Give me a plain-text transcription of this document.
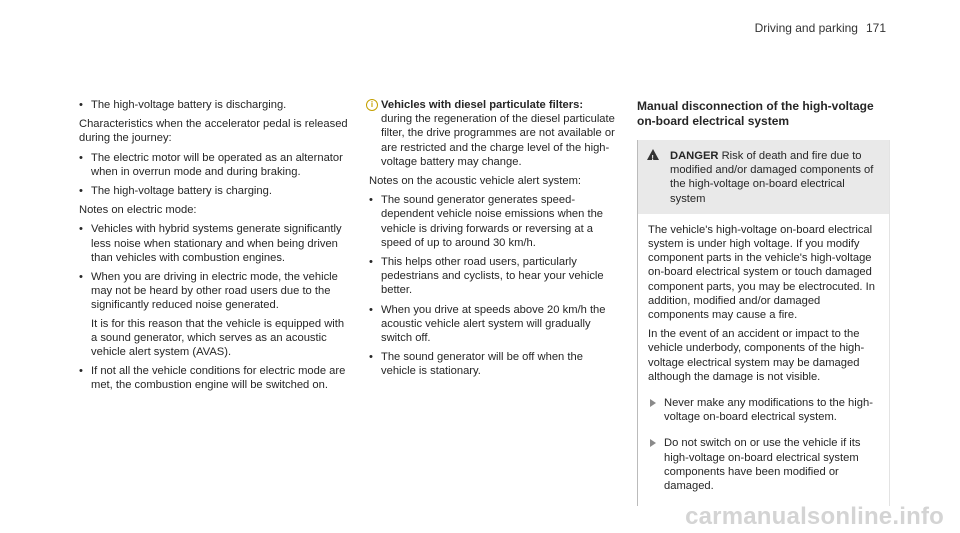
Driving and parking 171
• The high-voltage battery is discharging.

Characteristics when the accelerator pedal is released during the journey:

• The electric motor will be operated as an alternator when in overrun mode and during braking.
• The high-voltage battery is charging.

Notes on electric mode:

• Vehicles with hybrid systems generate significantly less noise when stationary and when being driven than vehicles with combustion engines.
• When you are driving in electric mode, the vehicle may not be heard by other road users due to the significantly reduced noise generated.
It is for this reason that the vehicle is equipped with a sound generator, which serves as an acoustic vehicle alert system (AVAS).
• If not all the vehicle conditions for electric mode are met, the combustion engine will be switched on.
i Vehicles with diesel particulate filters: during the regeneration of the diesel particulate filter, the drive programmes are not available or are restricted and the charge level of the high-voltage battery may change.

Notes on the acoustic vehicle alert system:

• The sound generator generates speed-dependent vehicle noise emissions when the vehicle is driving forwards or reversing at a speed of up to around 30 km/h.
• This helps other road users, particularly pedestrians and cyclists, to hear your vehicle better.
• When you drive at speeds above 20 km/h the acoustic vehicle alert system will gradually switch off.
• The sound generator will be off when the vehicle is stationary.
Manual disconnection of the high-voltage on-board electrical system
! DANGER Risk of death and fire due to modified and/or damaged components of the high-voltage on-board electrical system

The vehicle's high-voltage on-board electrical system is under high voltage. If you modify component parts in the vehicle's high-voltage on-board electrical system or touch damaged component parts, you may be electrocuted. In addition, modified and/or damaged components may cause a fire.

In the event of an accident or impact to the vehicle underbody, components of the high-voltage electrical system may be damaged although the damage is not visible.

Never make any modifications to the high-voltage on-board electrical system.
Do not switch on or use the vehicle if its high-voltage on-board electrical system components have been modified or damaged.
carmanualsonline.info
